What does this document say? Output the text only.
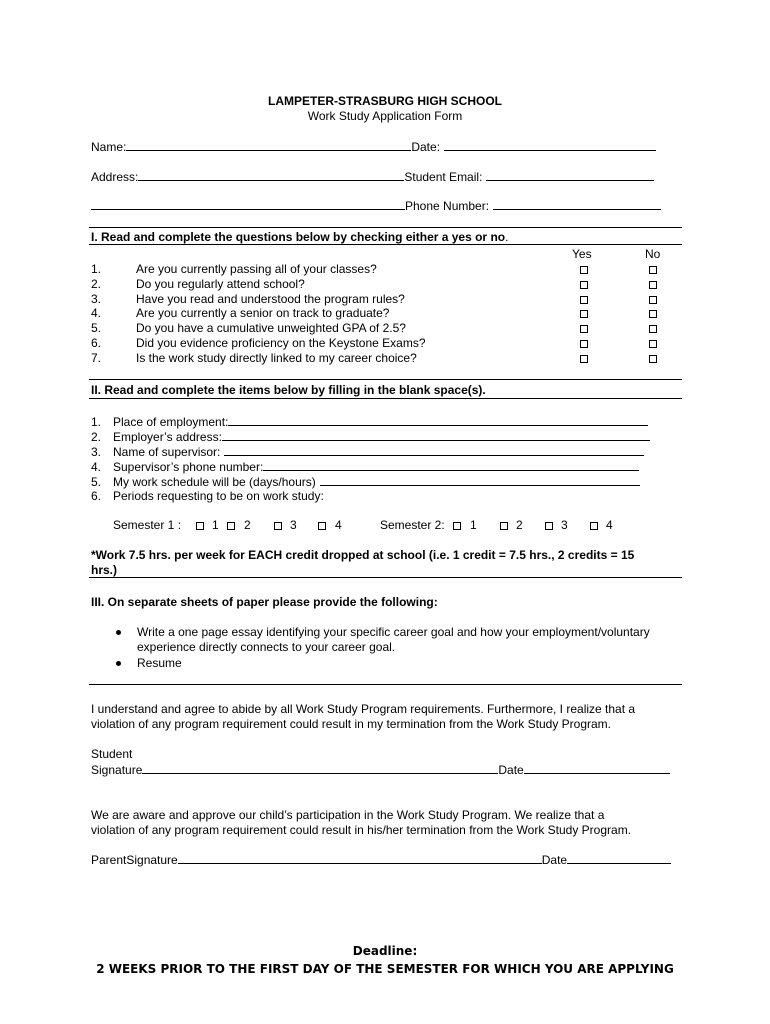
LAMPETER-STRASBURG HIGH SCHOOL
Work Study Application Form
Name:	Date:
Address:	Student Email:
Phone Number:
I. Read and complete the questions below by checking either a yes or no.
Yes	No
1.	Are you currently passing all of your classes?
2.	Do you regularly attend school?
3.	Have you read and understood the program rules?
4.	Are you currently a senior on track to graduate?
5.	Do you have a cumulative unweighted GPA of 2.5?
6.	Did you evidence proficiency on the Keystone Exams?
7.	Is the work study directly linked to my career choice?
II. Read and complete the items below by filling in the blank space(s).
1. Place of employment:
2. Employer’s address:
3. Name of supervisor:
4. Supervisor’s phone number:
5. My work schedule will be (days/hours)
6. Periods requesting to be on work study:
Semester 1 :	1 2	3	4	Semester 2: 1	2	3	4
*Work 7.5 hrs. per week for EACH credit dropped at school (i.e. 1 credit = 7.5 hrs., 2 credits = 15
hrs.)
III. On separate sheets of paper please provide the following:
Write a one page essay identifying your specific career goal and how your employment/voluntary
experience directly connects to your career goal.
Resume
I understand and agree to abide by all Work Study Program requirements. Furthermore, I realize that a
violation of any program requirement could result in my termination from the Work Study Program.
Student
Signature	Date
We are aware and approve our child’s participation in the Work Study Program. We realize that a
violation of any program requirement could result in his/her termination from the Work Study Program.
ParentSignature	Date
Deadline:
2 WEEKS PRIOR TO THE FIRST DAY OF THE SEMESTER FOR WHICH YOU ARE APPLYING
